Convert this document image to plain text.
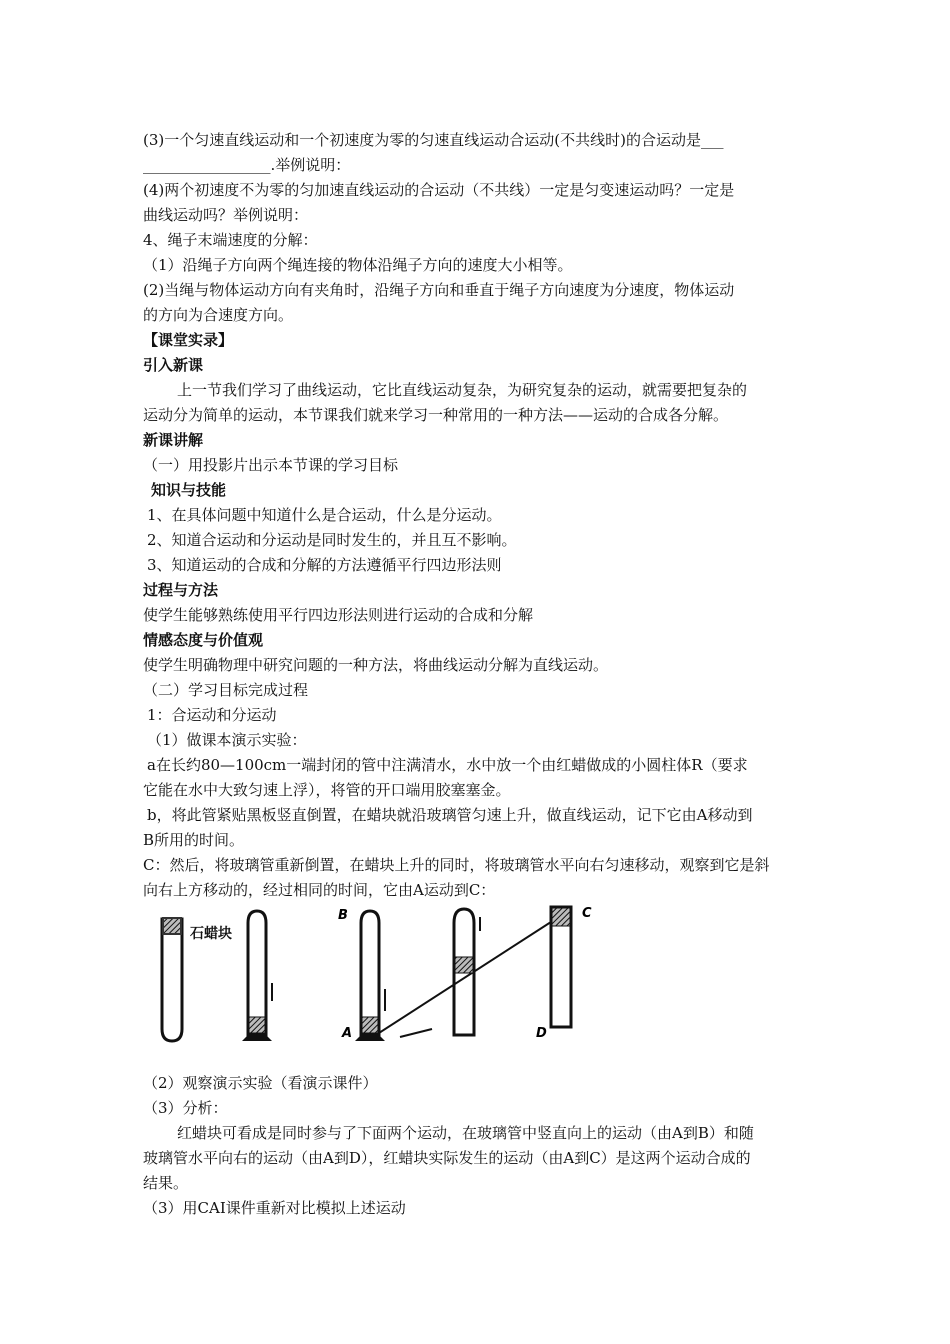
(3)一个匀速直线运动和一个初速度为零的匀速直线运动合运动(不共线时)的合运动是___
_________________.举例说明：
(4)两个初速度不为零的匀加速直线运动的合运动（不共线）一定是匀变速运动吗？一定是
曲线运动吗？举例说明：
4、绳子末端速度的分解：
（1）沿绳子方向两个绳连接的物体沿绳子方向的速度大小相等。
(2)当绳与物体运动方向有夹角时，沿绳子方向和垂直于绳子方向速度为分速度，物体运动
的方向为合速度方向。
【课堂实录】
引入新课
上一节我们学习了曲线运动，它比直线运动复杂，为研究复杂的运动，就需要把复杂的
运动分为简单的运动，本节课我们就来学习一种常用的一种方法——运动的合成各分解。
新课讲解
（一）用投影片出示本节课的学习目标
知识与技能
1、在具体问题中知道什么是合运动，什么是分运动。
2、知道合运动和分运动是同时发生的，并且互不影响。
3、知道运动的合成和分解的方法遵循平行四边形法则
过程与方法
使学生能够熟练使用平行四边形法则进行运动的合成和分解
情感态度与价值观
使学生明确物理中研究问题的一种方法，将曲线运动分解为直线运动。
（二）学习目标完成过程
1：合运动和分运动
（1）做课本演示实验：
a在长约80—100cm一端封闭的管中注满清水，水中放一个由红蜡做成的小圆柱体R（要求
它能在水中大致匀速上浮），将管的开口端用胶塞塞金。
b，将此管紧贴黑板竖直倒置，在蜡块就沿玻璃管匀速上升，做直线运动，记下它由A移动到
B所用的时间。
C：然后，将玻璃管重新倒置，在蜡块上升的同时，将玻璃管水平向右匀速移动，观察到它是斜
向右上方移动的，经过相同的时间，它由A运动到C：
石蜡块
B
A
C
D
（2）观察演示实验（看演示课件）
（3）分析：
红蜡块可看成是同时参与了下面两个运动，在玻璃管中竖直向上的运动（由A到B）和随
玻璃管水平向右的运动（由A到D），红蜡块实际发生的运动（由A到C）是这两个运动合成的
结果。
（3）用CAI课件重新对比模拟上述运动
